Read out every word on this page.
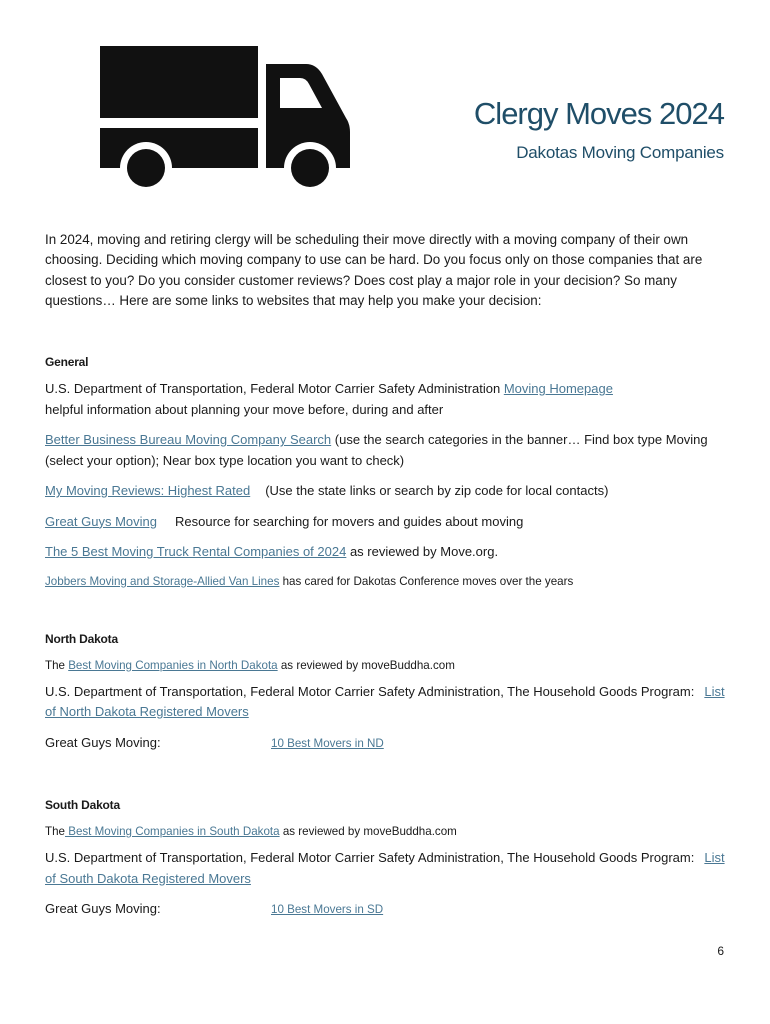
Clergy Moves 2024
Dakotas Moving Companies

In 2024, moving and retiring clergy will be scheduling their move directly with a moving company of their own choosing. Deciding which moving company to use can be hard. Do you focus only on those companies that are closest to you? Do you consider customer reviews? Does cost play a major role in your decision? So many questions… Here are some links to websites that may help you make your decision:

General

U.S. Department of Transportation, Federal Motor Carrier Safety Administration Moving Homepage
helpful information about planning your move before, during and after

Better Business Bureau Moving Company Search (use the search categories in the banner… Find box type Moving (select your option); Near box type location you want to check)

My Moving Reviews: Highest Rated (Use the state links or search by zip code for local contacts)

Great Guys Moving Resource for searching for movers and guides about moving

The 5 Best Moving Truck Rental Companies of 2024 as reviewed by Move.org.

Jobbers Moving and Storage-Allied Van Lines has cared for Dakotas Conference moves over the years

North Dakota

The Best Moving Companies in North Dakota as reviewed by moveBuddha.com

U.S. Department of Transportation, Federal Motor Carrier Safety Administration, The Household Goods Program: List of North Dakota Registered Movers

Great Guys Moving:	10 Best Movers in ND

South Dakota

The Best Moving Companies in South Dakota as reviewed by moveBuddha.com

U.S. Department of Transportation, Federal Motor Carrier Safety Administration, The Household Goods Program: List of South Dakota Registered Movers

Great Guys Moving:	10 Best Movers in SD

6
